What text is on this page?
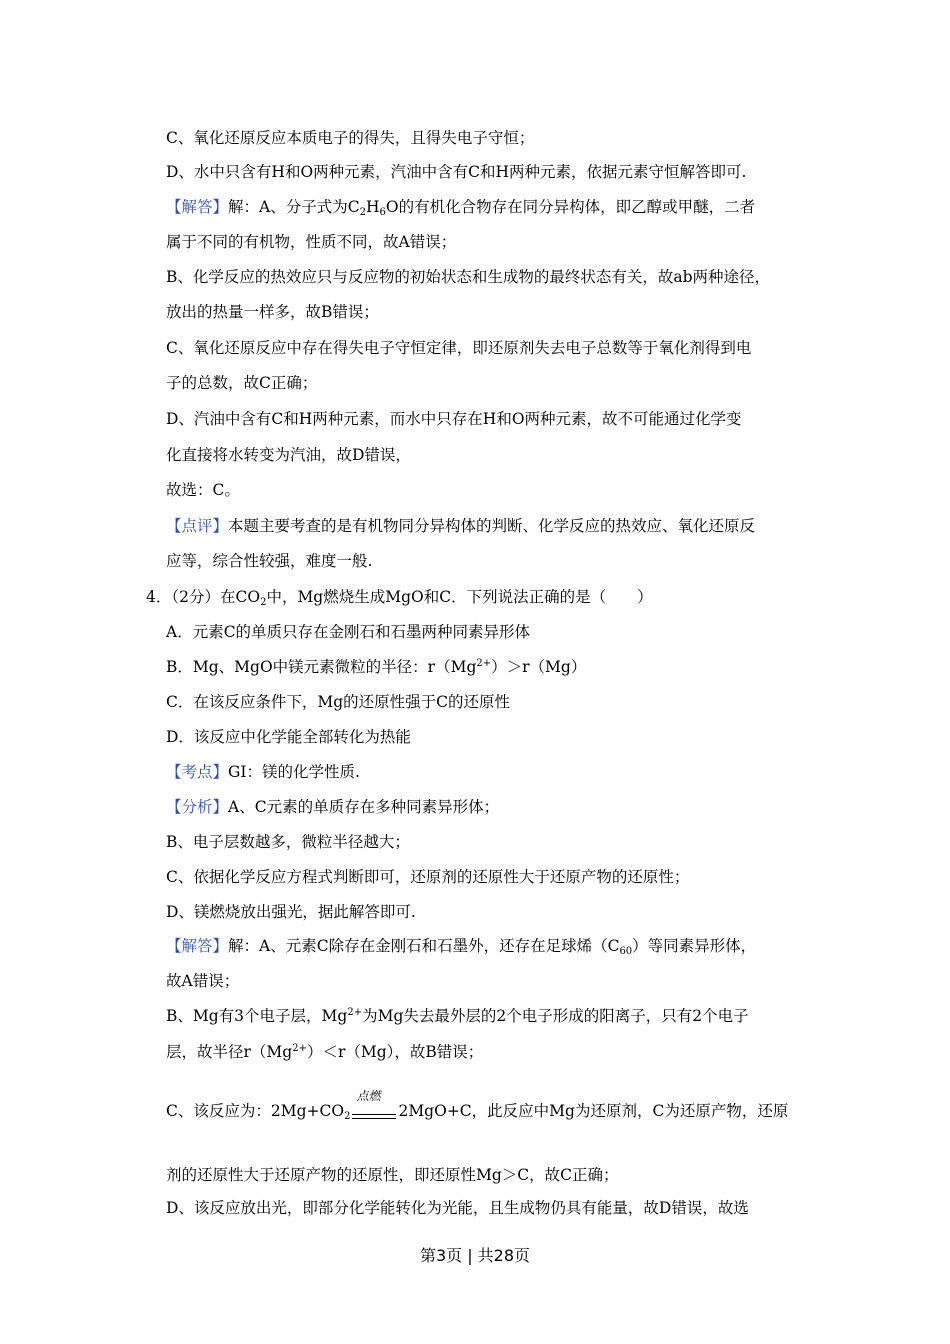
C、氧化还原反应本质电子的得失，且得失电子守恒；
D、水中只含有H和O两种元素，汽油中含有C和H两种元素，依据元素守恒解答即可.
【解答】解：A、分子式为$C_2H_6O$的有机化合物存在同分异构体，即乙醇或甲醚，二者
属于不同的有机物，性质不同，故A错误；
B、化学反应的热效应只与反应物的初始状态和生成物的最终状态有关，故ab两种途径，
放出的热量一样多，故B错误；
C、氧化还原反应中存在得失电子守恒定律，即还原剂失去电子总数等于氧化剂得到电
子的总数，故C正确；
D、汽油中含有C和H两种元素，而水中只存在H和O两种元素，故不可能通过化学变
化直接将水转变为汽油，故D错误，
故选：C。
【点评】本题主要考查的是有机物同分异构体的判断、化学反应的热效应、氧化还原反
应等，综合性较强，难度一般.
4．（2分）在$CO_2$中，Mg燃烧生成MgO和C．下列说法正确的是（　　）
A．元素C的单质只存在金刚石和石墨两种同素异形体
B．Mg、MgO中镁元素微粒的半径：$r(Mg^{2+})>r(Mg)$
C．在该反应条件下，Mg的还原性强于C的还原性
D．该反应中化学能全部转化为热能
【考点】GI：镁的化学性质.
【分析】A、C元素的单质存在多种同素异形体；
B、电子层数越多，微粒半径越大；
C、依据化学反应方程式判断即可，还原剂的还原性大于还原产物的还原性；
D、镁燃烧放出强光，据此解答即可.
【解答】解：A、元素C除存在金刚石和石墨外，还存在足球烯$(C_{60})$等同素异形体，
故A错误；
B、Mg有3个电子层，$Mg^{2+}$为Mg失去最外层的2个电子形成的阳离子，只有2个电子
层，故半径$r(Mg^{2+})<r(Mg)$，故B错误；
C、该反应为：$2Mg+CO_2$
点燃
2MgO+C，此反应中Mg为还原剂，C为还原产物，还原
剂的还原性大于还原产物的还原性，即还原性Mg＞C，故C正确；
D、该反应放出光，即部分化学能转化为光能，且生成物仍具有能量，故D错误，故选
第3页 | 共28页
